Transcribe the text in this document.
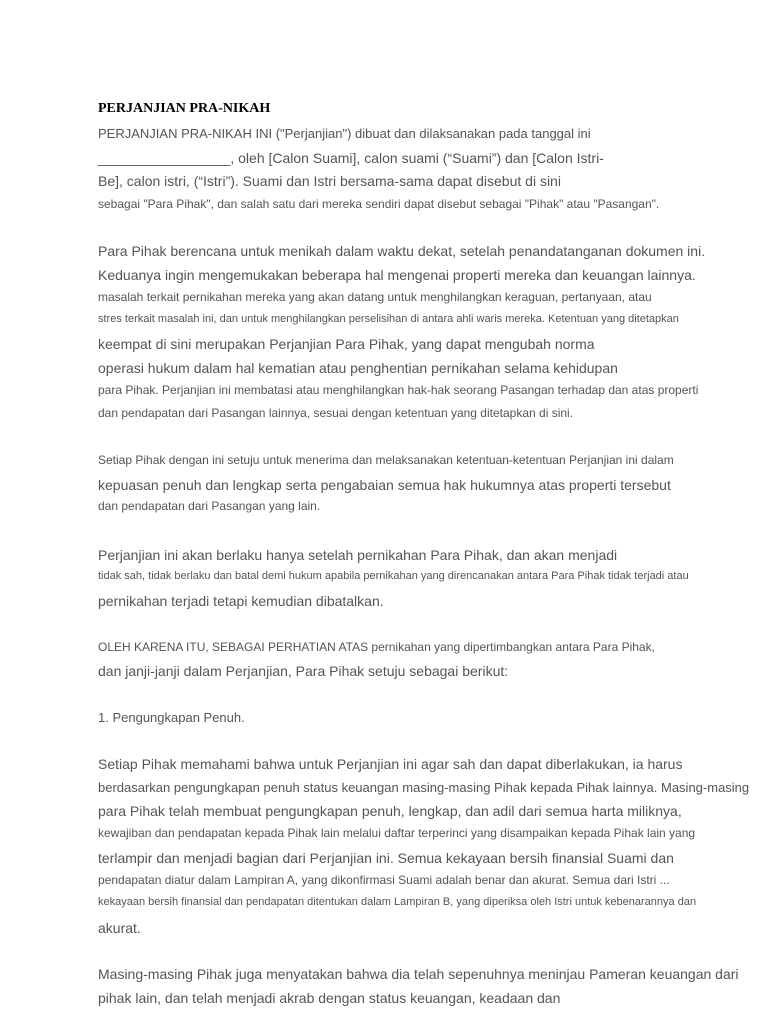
PERJANJIAN PRA-NIKAH
PERJANJIAN PRA-NIKAH INI ("Perjanjian") dibuat dan dilaksanakan pada tanggal ini
_________________, oleh [Calon Suami], calon suami (“Suami”) dan [Calon Istri-
Be], calon istri, (“Istri”). Suami dan Istri bersama-sama dapat disebut di sini
sebagai "Para Pihak", dan salah satu dari mereka sendiri dapat disebut sebagai "Pihak" atau "Pasangan".
Para Pihak berencana untuk menikah dalam waktu dekat, setelah penandatanganan dokumen ini.
Keduanya ingin mengemukakan beberapa hal mengenai properti mereka dan keuangan lainnya.
masalah terkait pernikahan mereka yang akan datang untuk menghilangkan keraguan, pertanyaan, atau
stres terkait masalah ini, dan untuk menghilangkan perselisihan di antara ahli waris mereka. Ketentuan yang ditetapkan
keempat di sini merupakan Perjanjian Para Pihak, yang dapat mengubah norma
operasi hukum dalam hal kematian atau penghentian pernikahan selama kehidupan
para Pihak. Perjanjian ini membatasi atau menghilangkan hak-hak seorang Pasangan terhadap dan atas properti
dan pendapatan dari Pasangan lainnya, sesuai dengan ketentuan yang ditetapkan di sini.
Setiap Pihak dengan ini setuju untuk menerima dan melaksanakan ketentuan-ketentuan Perjanjian ini dalam
kepuasan penuh dan lengkap serta pengabaian semua hak hukumnya atas properti tersebut
dan pendapatan dari Pasangan yang lain.
Perjanjian ini akan berlaku hanya setelah pernikahan Para Pihak, dan akan menjadi
tidak sah, tidak berlaku dan batal demi hukum apabila pernikahan yang direncanakan antara Para Pihak tidak terjadi atau
pernikahan terjadi tetapi kemudian dibatalkan.
OLEH KARENA ITU, SEBAGAI PERHATIAN ATAS pernikahan yang dipertimbangkan antara Para Pihak,
dan janji-janji dalam Perjanjian, Para Pihak setuju sebagai berikut:
1. Pengungkapan Penuh.
Setiap Pihak memahami bahwa untuk Perjanjian ini agar sah dan dapat diberlakukan, ia harus
berdasarkan pengungkapan penuh status keuangan masing-masing Pihak kepada Pihak lainnya. Masing-masing
para Pihak telah membuat pengungkapan penuh, lengkap, dan adil dari semua harta miliknya,
kewajiban dan pendapatan kepada Pihak lain melalui daftar terperinci yang disampaikan kepada Pihak lain yang
terlampir dan menjadi bagian dari Perjanjian ini. Semua kekayaan bersih finansial Suami dan
pendapatan diatur dalam Lampiran A, yang dikonfirmasi Suami adalah benar dan akurat. Semua dari Istri ...
kekayaan bersih finansial dan pendapatan ditentukan dalam Lampiran B, yang diperiksa oleh Istri untuk kebenarannya dan
akurat.
Masing-masing Pihak juga menyatakan bahwa dia telah sepenuhnya meninjau Pameran keuangan dari
pihak lain, dan telah menjadi akrab dengan status keuangan, keadaan dan
